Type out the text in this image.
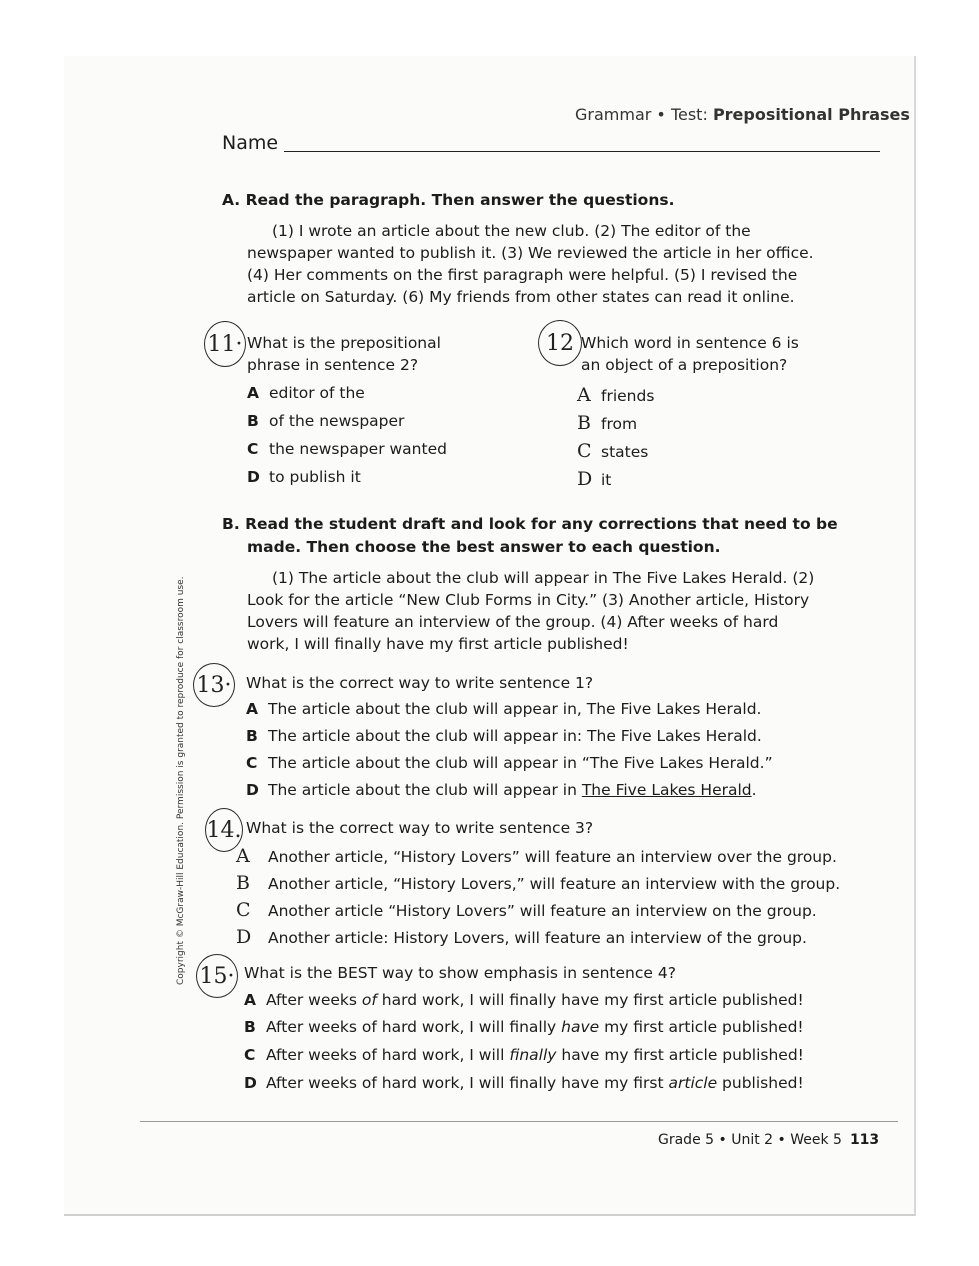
Grammar • Test: Prepositional Phrases
Name
A. Read the paragraph. Then answer the questions.
(1) I wrote an article about the new club. (2) The editor of the
newspaper wanted to publish it. (3) We reviewed the article in her office.
(4) Her comments on the first paragraph were helpful. (5) I revised the
article on Saturday. (6) My friends from other states can read it online.
11· What is the prepositional
phrase in sentence 2?
A editor of the
B of the newspaper
C the newspaper wanted
D to publish it
12 Which word in sentence 6 is
an object of a preposition?
A friends
B from
C states
D it
B. Read the student draft and look for any corrections that need to be
made. Then choose the best answer to each question.
(1) The article about the club will appear in The Five Lakes Herald. (2)
Look for the article “New Club Forms in City.” (3) Another article, History
Lovers will feature an interview of the group. (4) After weeks of hard
work, I will finally have my first article published!
13· What is the correct way to write sentence 1?
A The article about the club will appear in, The Five Lakes Herald.
B The article about the club will appear in: The Five Lakes Herald.
C The article about the club will appear in “The Five Lakes Herald.”
D The article about the club will appear in The Five Lakes Herald.
14. What is the correct way to write sentence 3?
A Another article, “History Lovers” will feature an interview over the group.
B Another article, “History Lovers,” will feature an interview with the group.
C Another article “History Lovers” will feature an interview on the group.
D Another article: History Lovers, will feature an interview of the group.
15· What is the BEST way to show emphasis in sentence 4?
A After weeks of hard work, I will finally have my first article published!
B After weeks of hard work, I will finally have my first article published!
C After weeks of hard work, I will finally have my first article published!
D After weeks of hard work, I will finally have my first article published!
Copyright © McGraw-Hill Education. Permission is granted to reproduce for classroom use.
Grade 5 • Unit 2 • Week 5 113
